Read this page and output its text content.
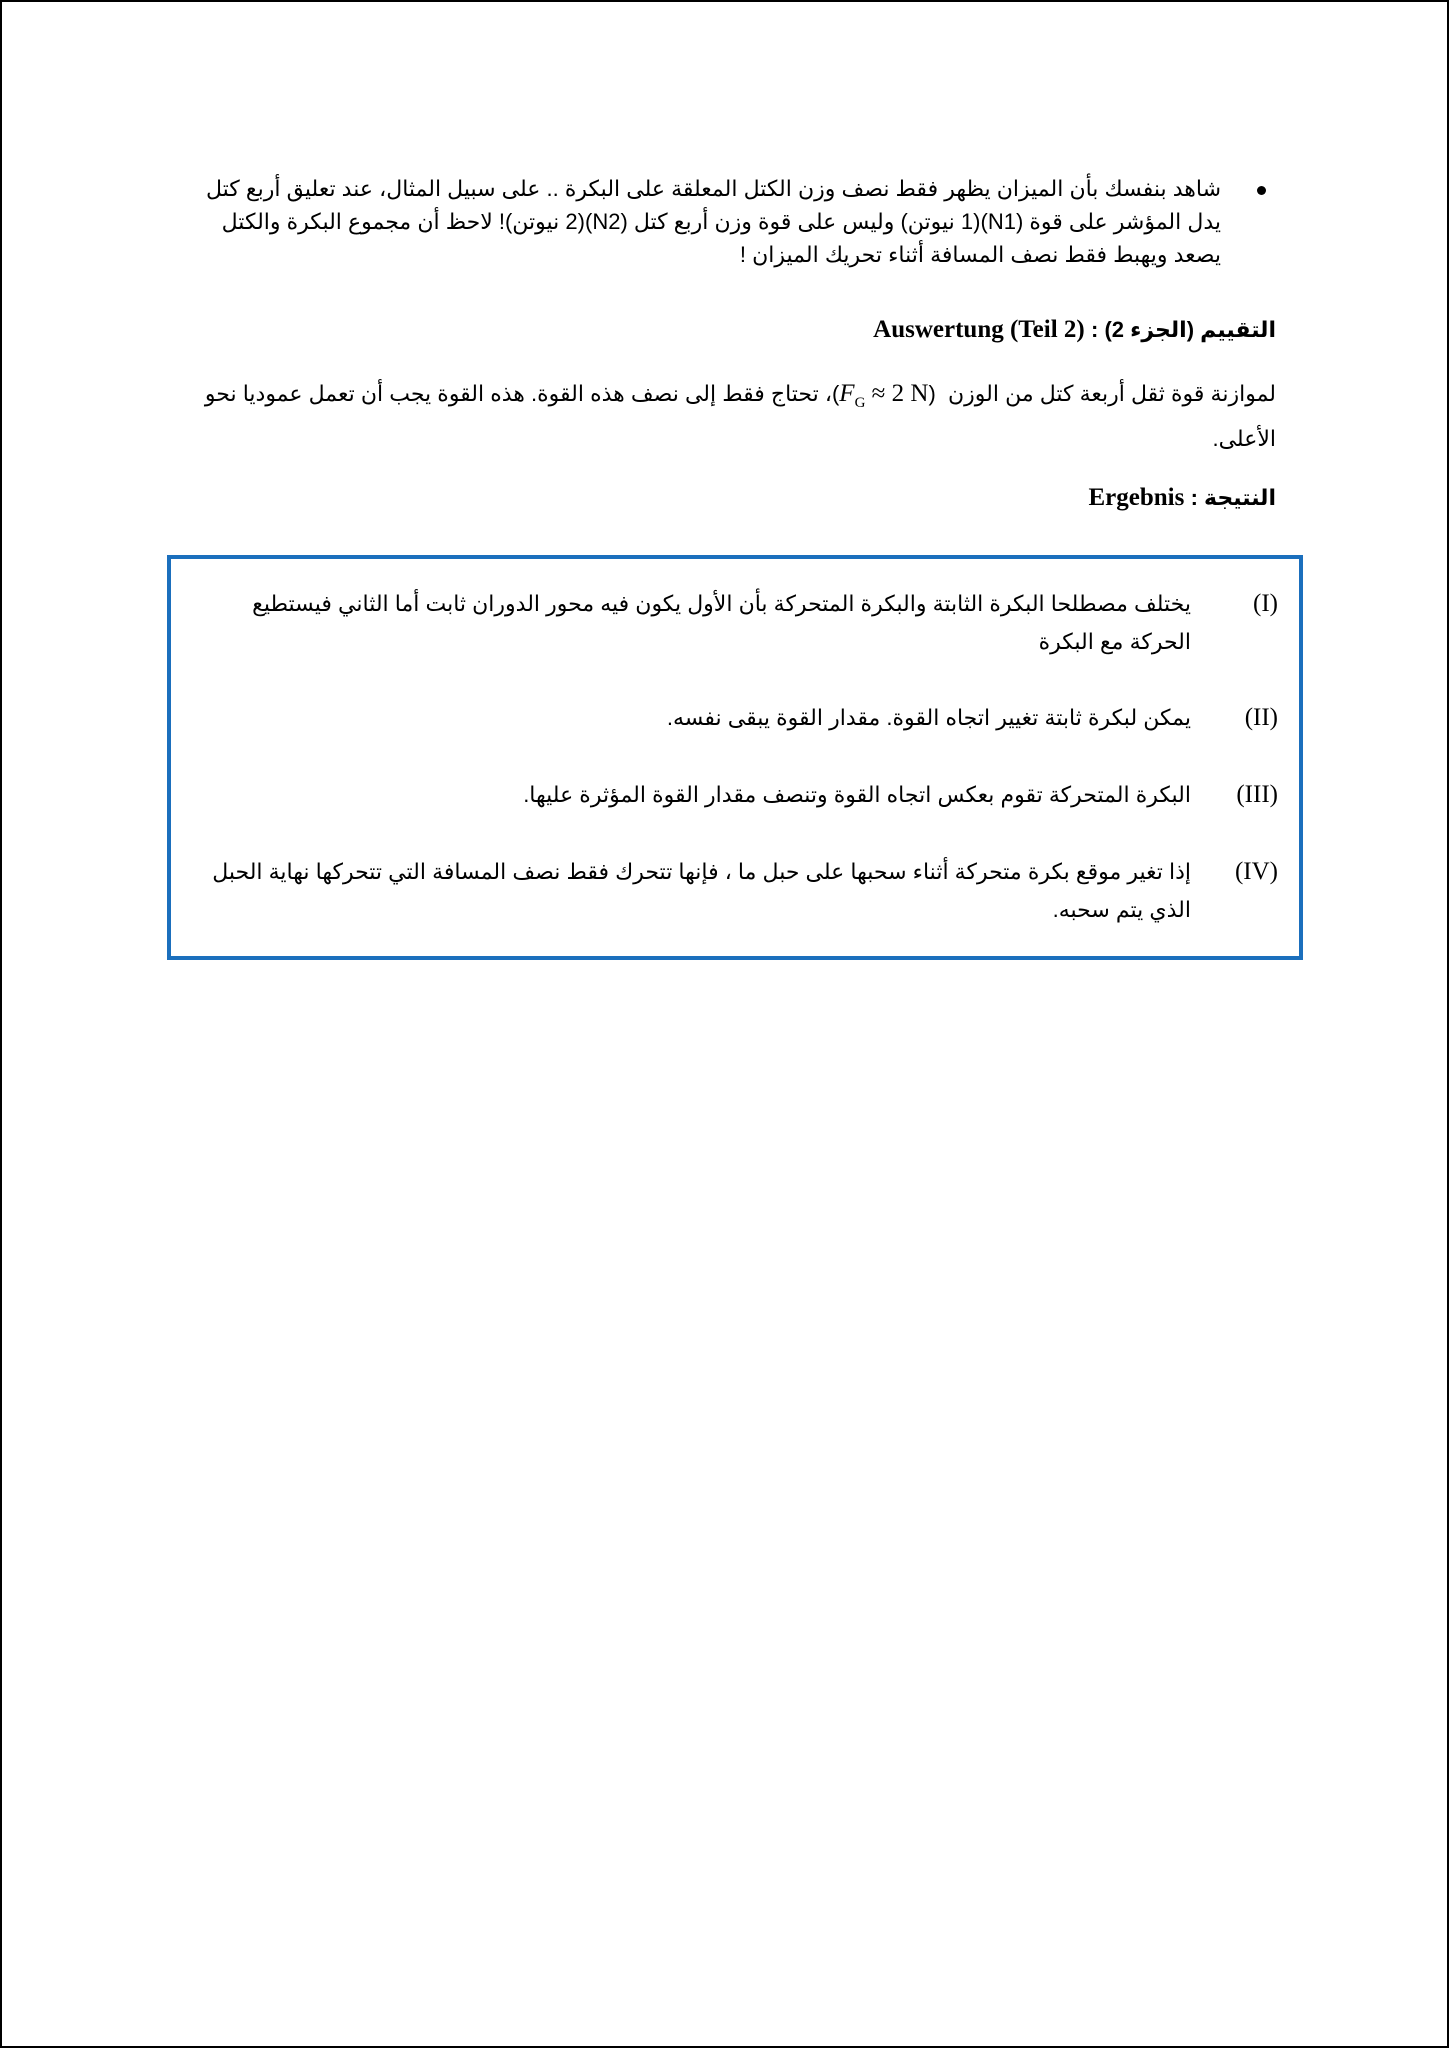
شاهد بنفسك بأن الميزان يظهر فقط نصف وزن الكتل المعلقة على البكرة .. على سبيل المثال، عند تعليق أربع كتل يدل المؤشر على قوة (N1)(1 نيوتن) وليس على قوة وزن أربع كتل (N2)(2 نيوتن)! لاحظ أن مجموع البكرة والكتل يصعد ويهبط فقط نصف المسافة أثناء تحريك الميزان !
التقييم (الجزء 2) : Auswertung (Teil 2)
لموازنة قوة ثقل أربعة كتل من الوزن  ($F_G \approx 2$ N)، تحتاج فقط إلى نصف هذه القوة. هذه القوة يجب أن تعمل عموديا نحو الأعلى.
النتيجة : Ergebnis
(I)
يختلف مصطلحا البكرة الثابتة والبكرة المتحركة بأن الأول يكون فيه محور الدوران ثابت أما الثاني فيستطيع الحركة مع البكرة
(II)
يمكن لبكرة ثابتة تغيير اتجاه القوة. مقدار القوة يبقى نفسه.
(III)
البكرة المتحركة تقوم بعكس اتجاه القوة وتنصف مقدار القوة المؤثرة عليها.
(IV)
إذا تغير موقع بكرة متحركة أثناء سحبها على حبل ما ، فإنها تتحرك فقط نصف المسافة التي تتحركها نهاية الحبل الذي يتم سحبه.
